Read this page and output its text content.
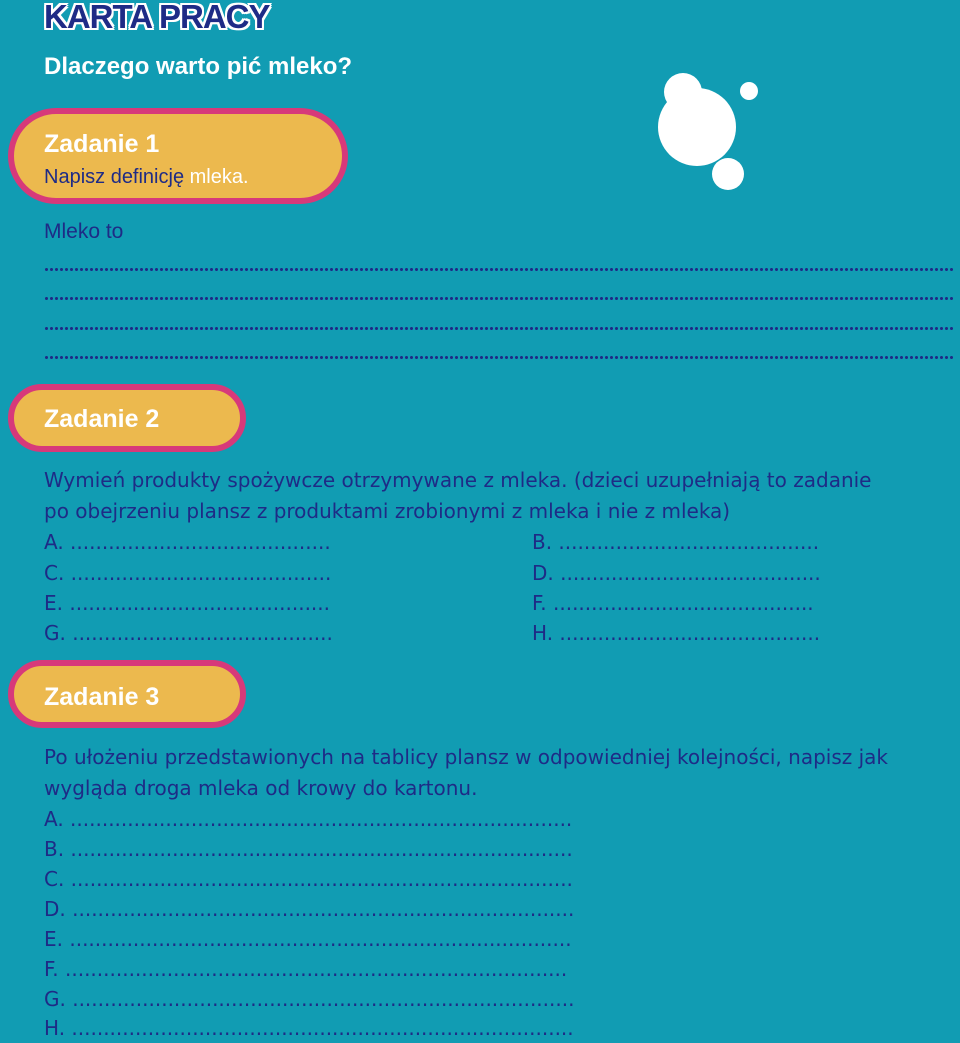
KARTA PRACY
Dlaczego warto pić mleko?
Zadanie 1
Napisz definicję mleka.
Mleko to
Zadanie 2
Wymień produkty spożywcze otrzymywane z mleka. (dzieci uzupełniają to zadanie
po obejrzeniu plansz z produktami zrobionymi z mleka i nie z mleka)
A. .........................................	B. .........................................
C. .........................................	D. .........................................
E. .........................................	F. .........................................
G. .........................................	H. .........................................
Zadanie 3
Po ułożeniu przedstawionych na tablicy plansz w odpowiedniej kolejności, napisz jak
wygląda droga mleka od krowy do kartonu.
A. ...............................................................................
B. ...............................................................................
C. ...............................................................................
D. ...............................................................................
E. ...............................................................................
F. ...............................................................................
G. ...............................................................................
H. ...............................................................................
